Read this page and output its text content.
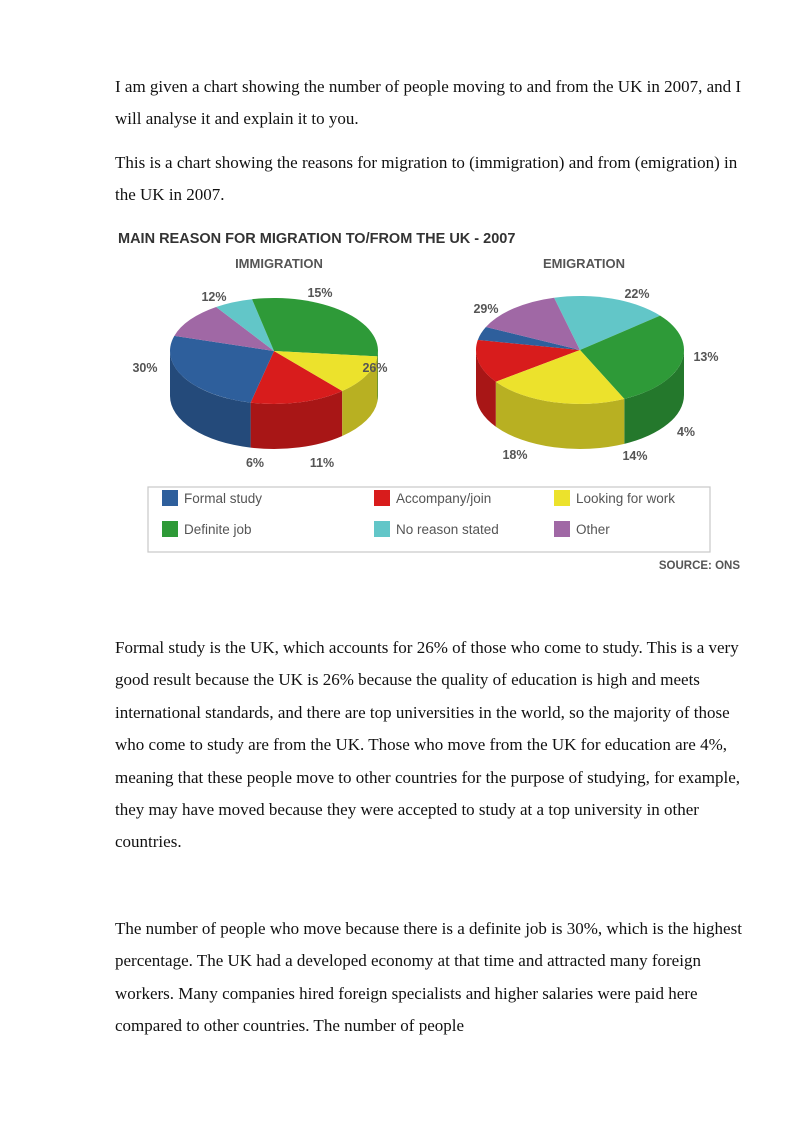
I am given a chart showing the number of people moving to and from the UK in 2007, and I will analyse it and explain it to you.

This is a chart showing the reasons for migration to (immigration) and from (emigration) in the UK in 2007.

MAIN REASON FOR MIGRATION TO/FROM THE UK - 2007
IMMIGRATION
26%
15%
12%
30%
6%	11%
EMIGRATION
4%
13%
22%
29%
18%	14%
Formal study	Accompany/join	Looking for work
Definite job	No reason stated	Other
SOURCE: ONS

Formal study is the UK, which accounts for 26% of those who come to study. This is a very good result because the UK is 26% because the quality of education is high and meets international standards, and there are top universities in the world, so the majority of those who come to study are from the UK. Those who move from the UK for education are 4%, meaning that these people move to other countries for the purpose of studying, for example, they may have moved because they were accepted to study at a top university in other countries.

The number of people who move because there is a definite job is 30%, which is the highest percentage. The UK had a developed economy at that time and attracted many foreign workers. Many companies hired foreign specialists and higher salaries were paid here compared to other countries. The number of people
